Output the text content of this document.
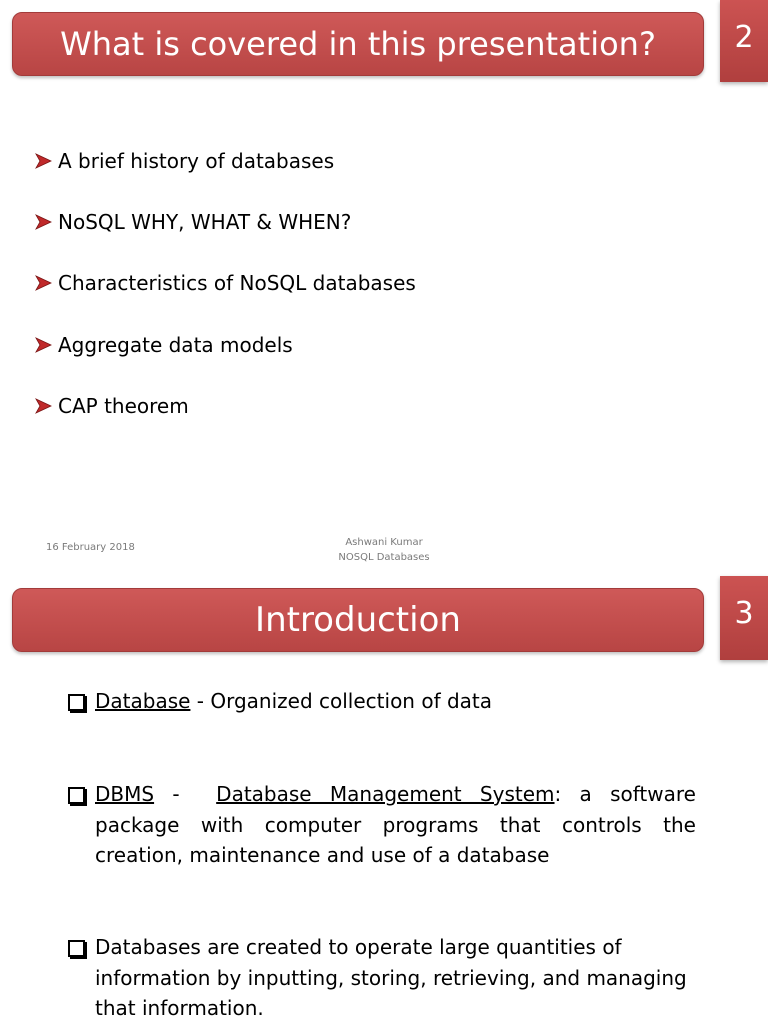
What is covered in this presentation?	2
A brief history of databases
NoSQL WHY, WHAT & WHEN?
Characteristics of NoSQL databases
Aggregate data models
CAP theorem
16 February 2018	Ashwani Kumar
NOSQL Databases
Introduction	3
Database - Organized collection of data
DBMS -  Database Management System: a software package with computer programs that controls the creation, maintenance and use of a database
Databases are created to operate large quantities of information by inputting, storing, retrieving, and managing that information.
